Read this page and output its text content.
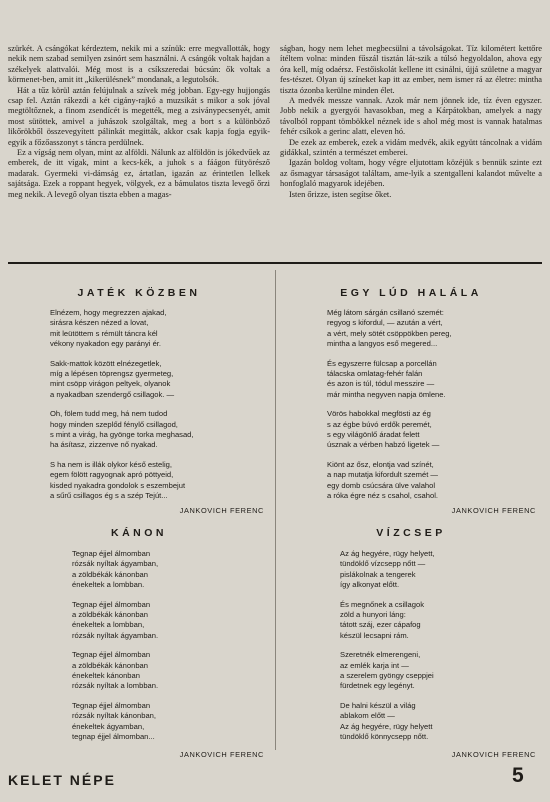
szürkét. A csángókat kérdeztem, nekik mi a színük: erre megvallották, hogy nekik nem szabad semilyen zsinórt sem használni. A csángók voltak hajdan a székelyek alattvalói. Még most is a csíkszeredai búcsún: ők voltak a körmenet-ben, amit itt „kikerülésnek” mondanak, a legutolsók.

Hát a tűz körül aztán felújulnak a szívek még jobban. Egy-egy hujjongás csap fel. Aztán rákezdi a két cigány-rajkó a muzsikát s mikor a sok jóval megtöltőznek, a finom zsendícét is megették, meg a zsiványpecsenyét, amit most sütöttek, amivel a juhászok szolgáltak, meg a bort s a különböző likőrökből összevegyített pálinkát megitták, akkor csak kapja fogja egyik-egyik a főzőasszonyt s táncra perdülnek.

Ez a vígság nem olyan, mint az alföldi. Nálunk az alföldön is jókedvűek az emberek, de itt vígak, mint a kecs-kék, a juhok s a fáágon fütyörésző madarak. Gyermeki vi-dámság ez, ártatlan, igazán az érintetlen lelkek sajátsága. Ezek a roppant hegyek, völgyek, ez a bámulatos tiszta levegő őrzi meg nekik. A levegő olyan tiszta ebben a magas-

ságban, hogy nem lehet megbecsülni a távolságokat. Tíz kilométert kettőre ítéltem volna: minden fűszál tisztán lát-szik a túlsó hegyoldalon, ahova egy óra kell, míg odaérsz. Festőiskolát kellene itt csinálni, újjá születne a magyar fes-tészet. Olyan új színeket kap itt az ember, nem ismer rá az életre: mintha tiszta ózonba kerülne minden élet.

A medvék messze vannak. Azok már nem jönnek ide, tíz éven egyszer. Jobb nekik a gyergyói havasokban, meg a Kárpátokban, amelyek a nagy távolból roppant tömbökkel néznek ide s ahol még most is vannak hatalmas fehér csíkok a gerinc alatt, eleven hó.

De ezek az emberek, ezek a vidám medvék, akik együtt táncolnak a vidám gidákkal, szintén a természet emberei.

Igazán boldog voltam, hogy végre eljutottam közéjük s bennük szinte ezt az ősmagyar társaságot találtam, ame-lyik a szentgalleni kalandot művelte a honfoglaló magyarok idejében.

Isten őrizze, isten segítse őket.

JATÉK KÖZBEN
Elnézem, hogy megrezzen ajakad,
sirásra készen nézed a lovat,
mit leütöttem s rémült táncra kél
vékony nyakadon egy parányi ér.
Sakk-mattok között elnézegetlek,
míg a lépésen töprengsz gyermeteg,
mint csöpp virágon peltyek, olyanok
a nyakadban szendergő csillagok. —
Oh, fölem tudd meg, há nem tudod
hogy minden szeplőd fénylő csillagod,
s mint a virág, ha gyönge torka meghasad,
ha ásítasz, zizzenve nő nyakad.
S ha nem is illák olykor késő estelig,
egem fölött ragyognak apró pöttyeid,
kisded nyakadra gondolok s eszembejut
a sűrű csillagos ég s a szép Tejút...
JANKOVICH FERENC
EGY LÚD HALÁLA
Még látom sárgán csillanó szemét:
regyog s kifordul, — azután a vért,
a vért, mely sötét csöppökben pereg,
mintha a langyos eső megered...
És egyszerre fülcsap a porcellán
tálacska omlatag-fehér falán
és azon is túl, tódul messzire —
már mintha negyven napja ömlene.
Vörös habokkal megfösti az ég
s az égbe búvó erdők peremét,
s egy világönlő áradat felett
úsznak a vérben habzó ligetek —
Kiönt az ősz, elontja vad színét,
a nap mutatja kifordult szemét —
egy domb csúcsára ülve valahol
a róka égre néz s csahol, csahol.
JANKOVICH FERENC
KÁNON
Tegnap éjjel álmomban
rózsák nyíltak ágyamban,
a zöldbékák kánonban
énekeltek a lombban.
Tegnap éjjel álmomban
a zöldbékák kánonban
énekeltek a lombban,
rózsák nyíltak ágyamban.
Tegnap éjjel álmomban
a zöldbékák kánonban
énekeltek kánonban
rózsák nyíltak a lombban.
Tegnap éjjel álmomban
rózsák nyíltak kánonban,
énekeltek ágyamban,
tegnap éjjel álmomban...
JANKOVICH FERENC
VÍZCSEP
Az ág hegyére, rügy helyett,
tündöklő vízcsepp nőtt —
pislákolnak a tengerek
így alkonyat előtt.
És megnőnek a csillagok
zöld a hunyori láng:
tátott száj, ezer cápafog
készül lecsapni rám.
Szeretnék elmerengeni,
az emlék karja int —
a szerelem gyöngy cseppjei
fürdetnek egy legényt.
De halni készül a világ
ablakom előtt —
Az ág hegyére, rügy helyett
tündöklő könnycsepp nőtt.
JANKOVICH FERENC
KELET NÉPE	5
